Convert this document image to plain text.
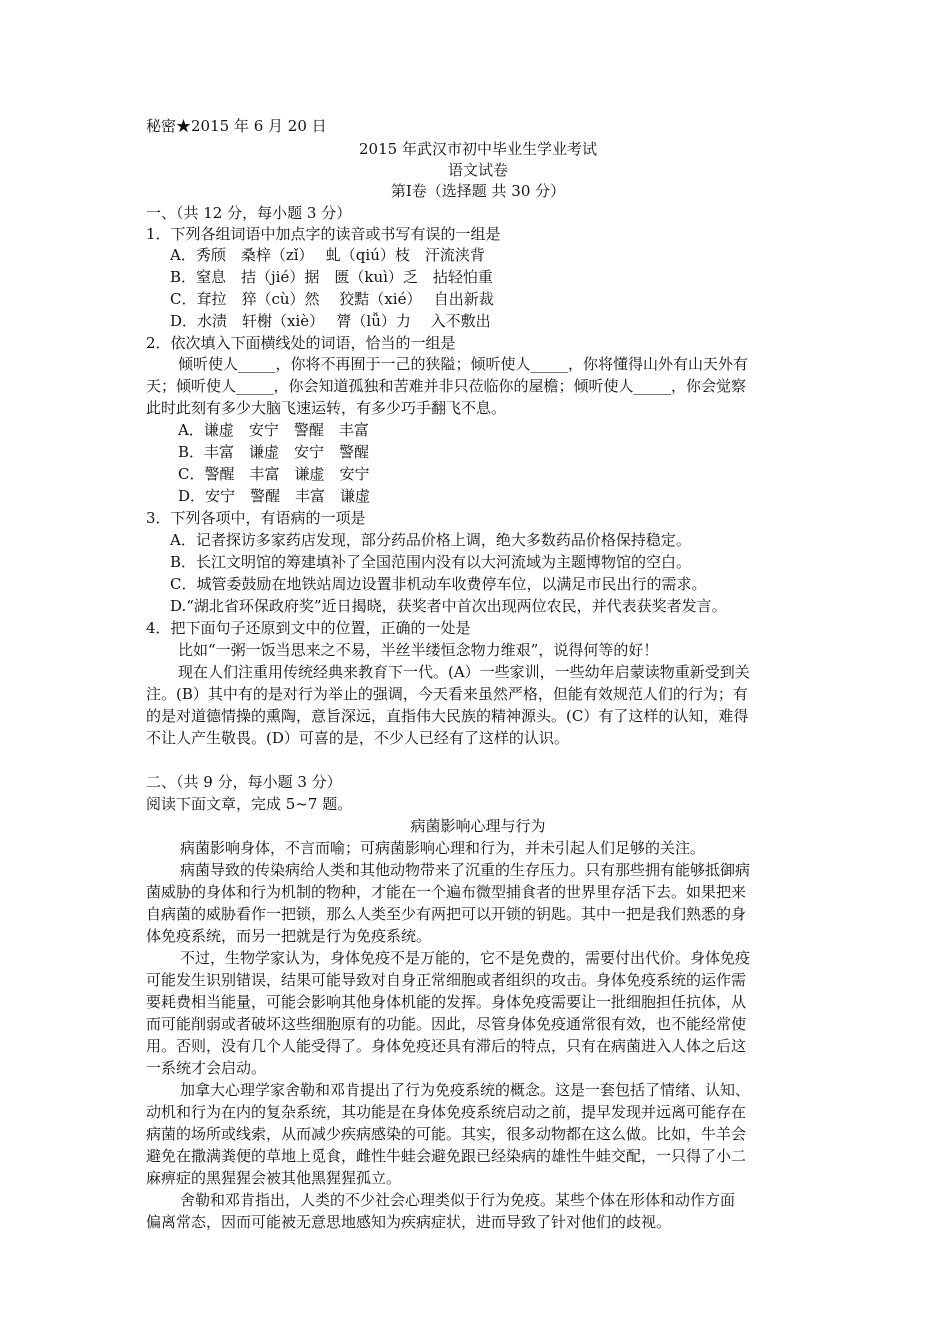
秘密★2015 年 6 月 20 日
2015 年武汉市初中毕业生学业考试
语文试卷
第Ⅰ卷（选择题 共 30 分）
一、（共 12 分，每小题 3 分）
1．下列各组词语中加点字的读音或书写有误的一组是
A．秀颀　桑梓（zǐ）　 虬（qiú）枝　汗流浃背
B．窒息　拮（jié）据　匮（kuì）乏　拈轻怕重
C．耷拉　猝（cù）然　 狡黠（xié）　 自出新裁
D．水渍　轩榭（xiè）　 膂（lǚ）力　 入不敷出
2．依次填入下面横线处的词语，恰当的一组是
倾听使人_____，你将不再囿于一己的狭隘；倾听使人_____，你将懂得山外有山天外有
天；倾听使人_____，你会知道孤独和苦难并非只莅临你的屋檐；倾听使人_____，你会觉察
此时此刻有多少大脑飞速运转，有多少巧手翻飞不息。
A．谦虚　安宁　警醒　丰富
B．丰富　谦虚　安宁　警醒
C．警醒　丰富　谦虚　安宁
D．安宁　警醒　丰富　谦虚
3．下列各项中，有语病的一项是
A．记者探访多家药店发现，部分药品价格上调，绝大多数药品价格保持稳定。
B．长江文明馆的筹建填补了全国范围内没有以大河流域为主题博物馆的空白。
C．城管委鼓励在地铁站周边设置非机动车收费停车位，以满足市民出行的需求。
D.“湖北省环保政府奖”近日揭晓，获奖者中首次出现两位农民，并代表获奖者发言。
4．把下面句子还原到文中的位置，正确的一处是
比如“一粥一饭当思来之不易，半丝半缕恒念物力维艰”，说得何等的好！
现在人们注重用传统经典来教育下一代。(A）一些家训，一些幼年启蒙读物重新受到关
注。(B）其中有的是对行为举止的强调，今天看来虽然严格，但能有效规范人们的行为；有
的是对道德情操的熏陶，意旨深远，直指伟大民族的精神源头。(C）有了这样的认知，难得
不让人产生敬畏。(D）可喜的是，不少人已经有了这样的认识。
二、（共 9 分，每小题 3 分）
阅读下面文章，完成 5~7 题。
病菌影响心理与行为
病菌影响身体，不言而喻；可病菌影响心理和行为，并未引起人们足够的关注。
病菌导致的传染病给人类和其他动物带来了沉重的生存压力。只有那些拥有能够抵御病
菌威胁的身体和行为机制的物种，才能在一个遍布微型捕食者的世界里存活下去。如果把来
自病菌的威胁看作一把锁，那么人类至少有两把可以开锁的钥匙。其中一把是我们熟悉的身
体免疫系统，而另一把就是行为免疫系统。
不过，生物学家认为，身体免疫不是万能的，它不是免费的，需要付出代价。身体免疫
可能发生识别错误，结果可能导致对自身正常细胞或者组织的攻击。身体免疫系统的运作需
要耗费相当能量，可能会影响其他身体机能的发挥。身体免疫需要让一批细胞担任抗体，从
而可能削弱或者破坏这些细胞原有的功能。因此，尽管身体免疫通常很有效，也不能经常使
用。否则，没有几个人能受得了。身体免疫还具有滞后的特点，只有在病菌进入人体之后这
一系统才会启动。
加拿大心理学家舍勒和邓肯提出了行为免疫系统的概念。这是一套包括了情绪、认知、
动机和行为在内的复杂系统，其功能是在身体免疫系统启动之前，提早发现并远离可能存在
病菌的场所或线索，从而减少疾病感染的可能。其实，很多动物都在这么做。比如，牛羊会
避免在撒满粪便的草地上觅食，雌性牛蛙会避免跟已经染病的雄性牛蛙交配，一只得了小二
麻痹症的黑猩猩会被其他黑猩猩孤立。
舍勒和邓肯指出，人类的不少社会心理类似于行为免疫。某些个体在形体和动作方面
偏离常态，因而可能被无意思地感知为疾病症状，进而导致了针对他们的歧视。
